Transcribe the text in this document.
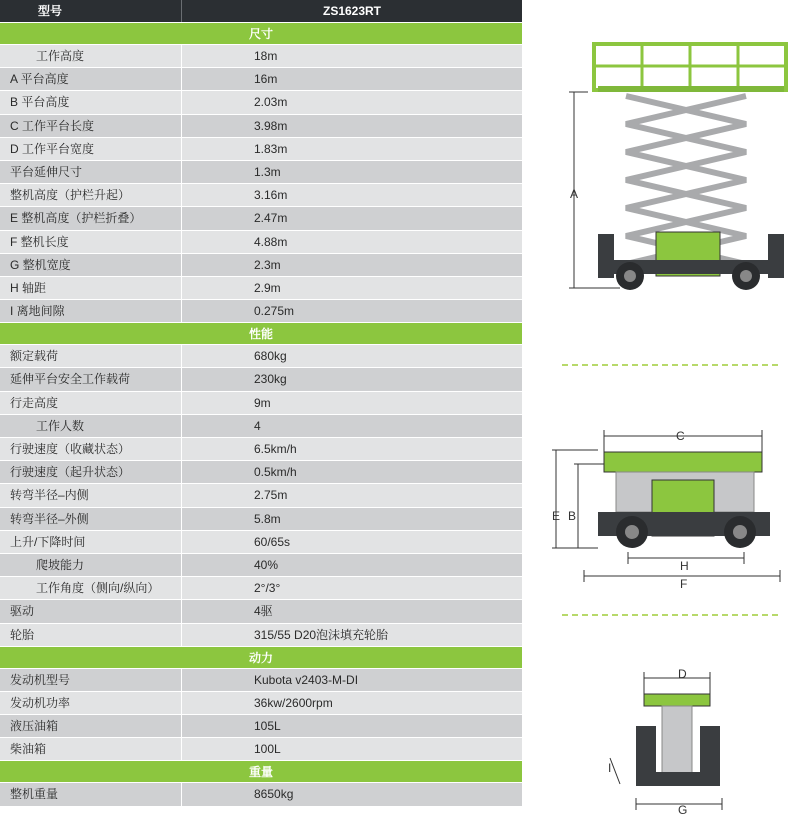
型号	ZS1623RT
尺寸
工作高度	18m
A 平台高度	16m
B 平台高度	2.03m
C 工作平台长度	3.98m
D 工作平台宽度	1.83m
平台延伸尺寸	1.3m
整机高度（护栏升起）	3.16m
E 整机高度（护栏折叠）	2.47m
F 整机长度	4.88m
G 整机宽度	2.3m
H 轴距	2.9m
I 离地间隙	0.275m
性能
额定载荷	680kg
延伸平台安全工作载荷	230kg
行走高度	9m
工作人数	4
行驶速度（收藏状态）	6.5km/h
行驶速度（起升状态）	0.5km/h
转弯半径–内侧	2.75m
转弯半径–外侧	5.8m
上升/下降时间	60/65s
爬坡能力	40%
工作角度（侧向/纵向）	2°/3°
驱动	4驱
轮胎	315/55 D20泡沫填充轮胎
动力
发动机型号	Kubota v2403-M-DI
发动机功率	36kw/2600rpm
液压油箱	105L
柴油箱	100L
重量
整机重量	8650kg
A
C
E B
H
F
D
I
G
